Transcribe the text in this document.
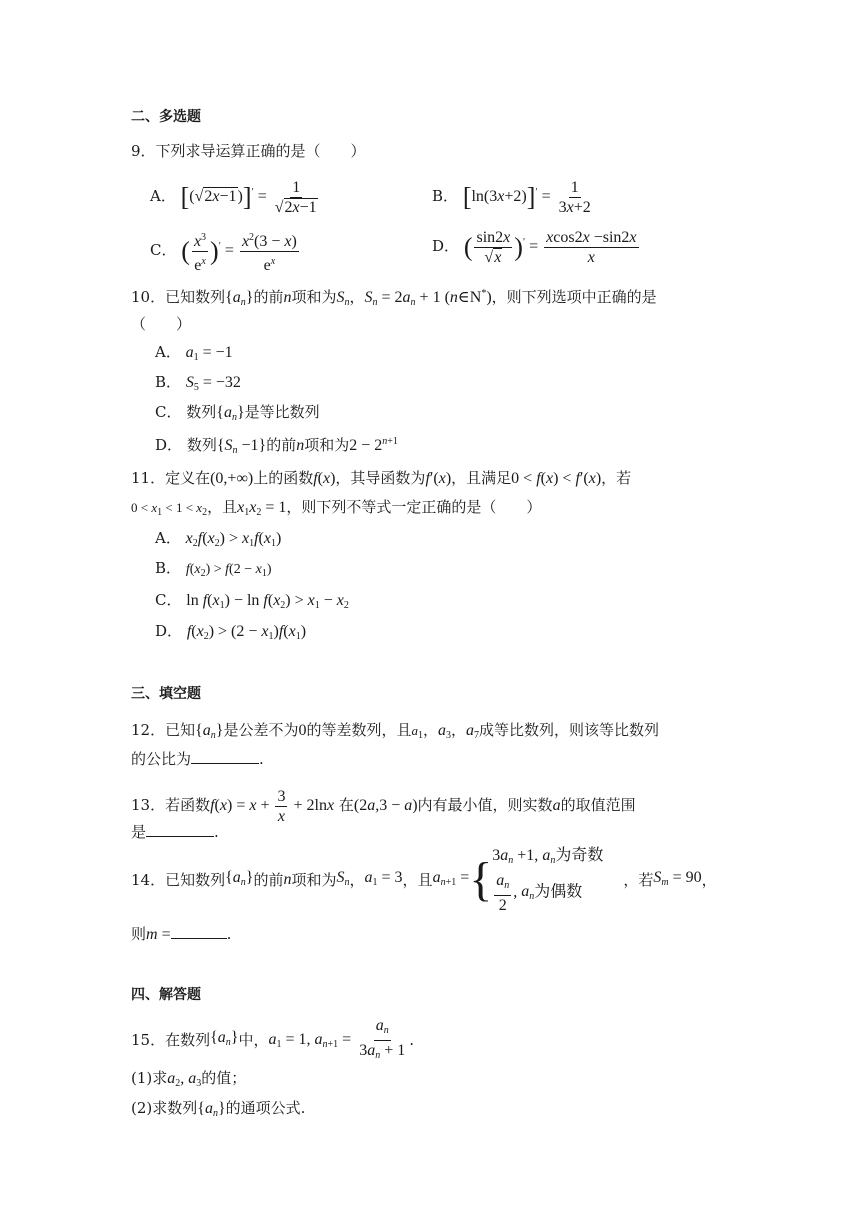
二、多选题
9．下列求导运算正确的是（　　）
A． $[(√2x-1)]' = \frac{1}{√2x-1}$	B． $[\ln(3x+2)]' = \frac{1}{3x+2}$
C． ( $\frac{x^3}{e^x} )' = \frac{x^2(3 - x)}{e^x}$	D． ( $\frac{\sin 2x}{√x} )' = \frac{xcos2x -\sin 2x}{x}$
10．已知数列$\{a_n\}$的前n项和为$S_n$，$S_n = 2a_n + 1$ (n∈N*)，则下列选项中正确的是
（　　）
A． $a_1 = -1$
B． $S_5 = -32$
C． 数列$\{a_n\}$是等比数列
D． 数列$\{S_n -1\}$的前n项和为$2 - 2^{n+1}$
11．定义在(0,+∞)上的函数f(x)，其导函数为f′(x)，且满足0 < f(x) < f′(x)，若
$0 < x_1 < 1 < x_2$，且$x_1x_2 = 1$，则下列不等式一定正确的是（　　）
A． $x_2f(x_2) > x_1f(x_1)$
B． $f(x_2) > f(2 - x_1)$
C． $\ln f(x_1) - \ln f(x_2) > x_1 - x_2$
D． $f(x_2) > (2 - x_1)f(x_1)$
三、填空题
12．已知$\{a_n\}$是公差不为0的等差数列，且$a_1$，$a_3$，$a_7$成等比数列，则该等比数列
的公比为	.
13．若函数$f(x) = x + \frac{3}{x} + 2\ln x$ 在(2a,3 − a)内有最小值，则实数a的取值范围
是	.
14．已知数列 $\{a_n\}$ 的前 n 项和为 $S_n$ ， $a_1 = 3$ ，且 $a_{n+1}$ = { $3a_n +1$, $a_n$为奇数
$\frac{a_n}{2}$ , $a_n$为偶数
，若 $S_m = 90$ ，
则m =	.
四、解答题
15．在数列 $\{a_n\}$ 中， $a_1 = 1$, $a_{n+1} = \frac{a_n}{3a_n + 1}$ .
(1)求$a_2$, $a_3$的值；
(2)求数列$\{a_n\}$的通项公式.
